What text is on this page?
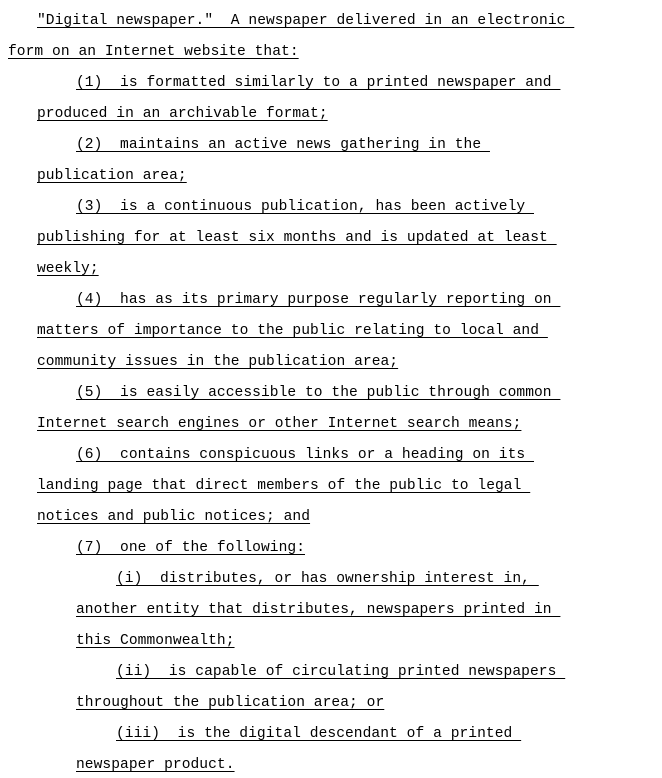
"Digital newspaper."  A newspaper delivered in an electronic
form on an Internet website that:
(1)  is formatted similarly to a printed newspaper and
produced in an archivable format;
(2)  maintains an active news gathering in the
publication area;
(3)  is a continuous publication, has been actively
publishing for at least six months and is updated at least
weekly;
(4)  has as its primary purpose regularly reporting on
matters of importance to the public relating to local and
community issues in the publication area;
(5)  is easily accessible to the public through common
Internet search engines or other Internet search means;
(6)  contains conspicuous links or a heading on its
landing page that direct members of the public to legal
notices and public notices; and
(7)  one of the following:
(i)  distributes, or has ownership interest in,
another entity that distributes, newspapers printed in
this Commonwealth;
(ii)  is capable of circulating printed newspapers
throughout the publication area; or
(iii)  is the digital descendant of a printed
newspaper product.
